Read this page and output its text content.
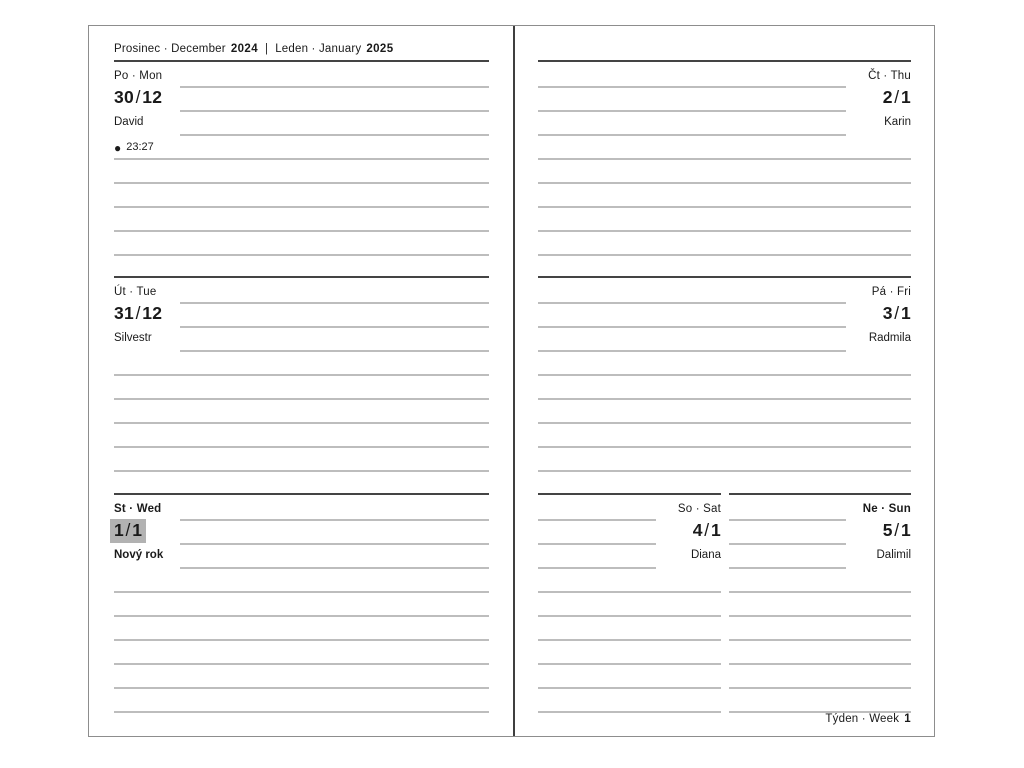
Prosinec · December 2024 | Leden · January 2025
Po · Mon
30/12
David
● 23:27
Út · Tue
31/12
Silvestr
St · Wed
1/1
Nový rok
Čt · Thu
2/1
Karin
Pá · Fri
3/1
Radmila
So · Sat
4/1
Diana
Ne · Sun
5/1
Dalimil
Týden · Week 1
